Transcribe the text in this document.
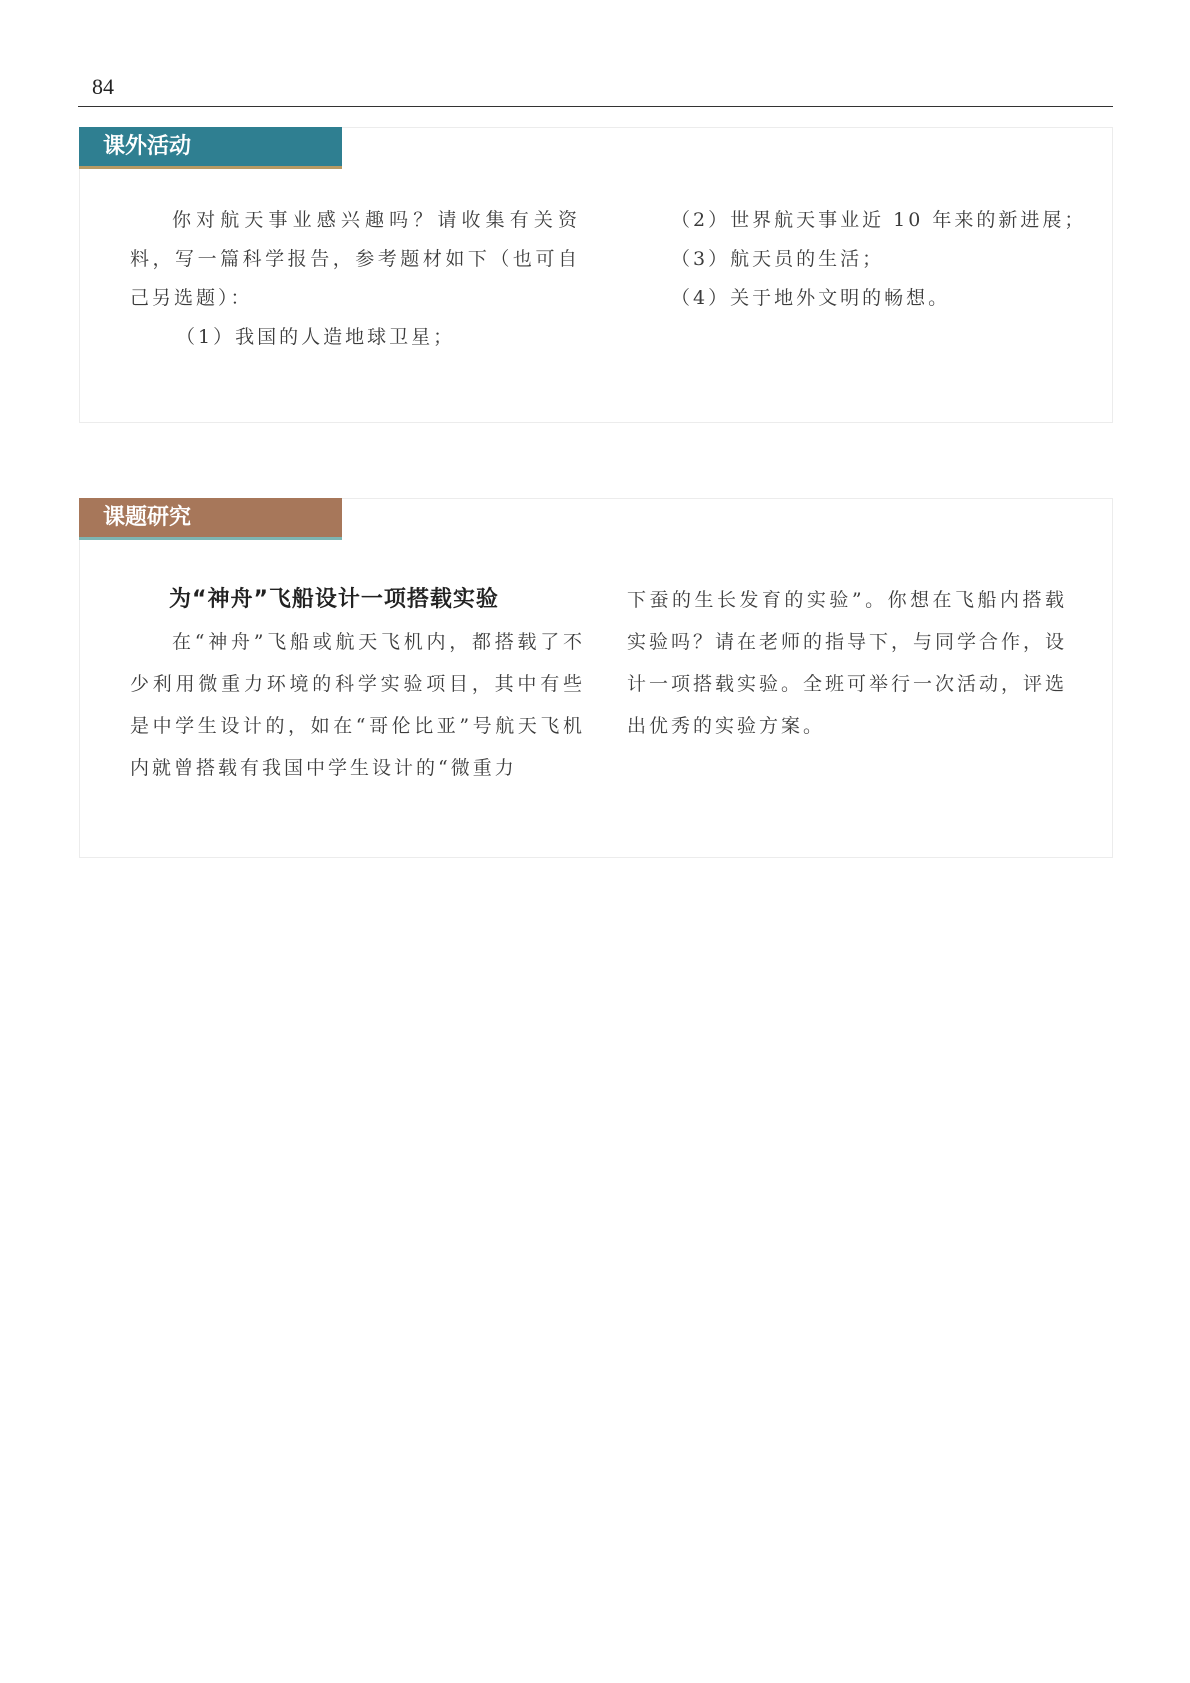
84
课外活动

你对航天事业感兴趣吗？请收集有关资料，写一篇科学报告，参考题材如下（也可自己另选题）：

（1）我国的人造地球卫星；

（2）世界航天事业近 10 年来的新进展；

（3）航天员的生活；

（4）关于地外文明的畅想。

课题研究

为“神舟”飞船设计一项搭载实验

在“神舟”飞船或航天飞机内，都搭载了不少利用微重力环境的科学实验项目，其中有些是中学生设计的，如在“哥伦比亚”号航天飞机内就曾搭载有我国中学生设计的“微重力

下蚕的生长发育的实验”。你想在飞船内搭载实验吗？请在老师的指导下，与同学合作，设计一项搭载实验。全班可举行一次活动，评选出优秀的实验方案。
